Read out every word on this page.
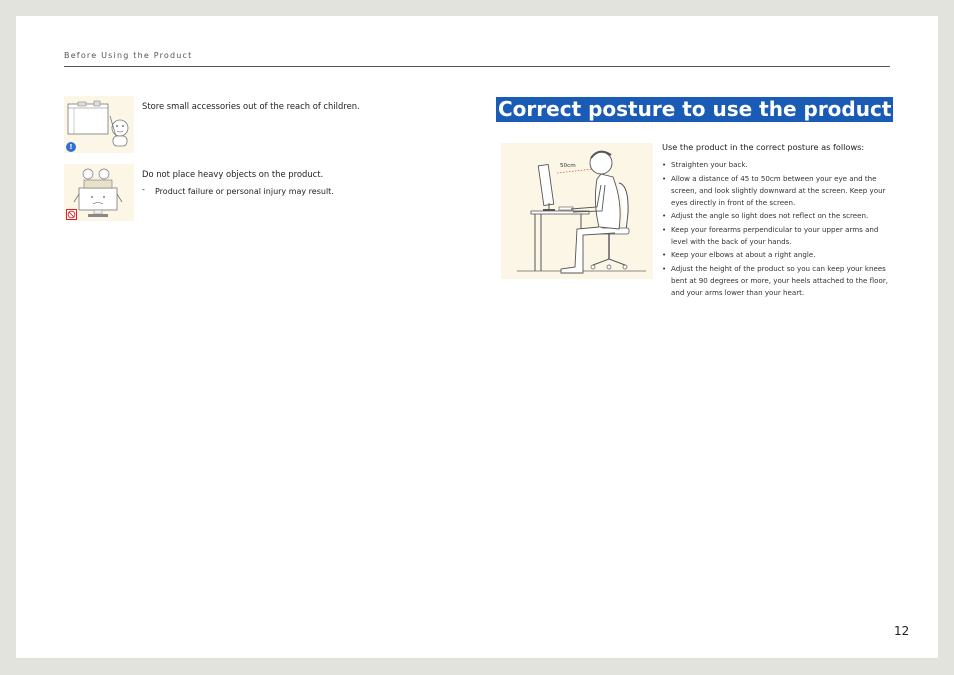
Before Using the Product
!
Store small accessories out of the reach of children.
Do not place heavy objects on the product.
- Product failure or personal injury may result.
Correct posture to use the product
50cm
Use the product in the correct posture as follows:
• Straighten your back.
• Allow a distance of 45 to 50cm between your eye and the screen, and look slightly downward at the screen. Keep your eyes directly in front of the screen.
• Adjust the angle so light does not reflect on the screen.
• Keep your forearms perpendicular to your upper arms and level with the back of your hands.
• Keep your elbows at about a right angle.
• Adjust the height of the product so you can keep your knees bent at 90 degrees or more, your heels attached to the floor, and your arms lower than your heart.
12
